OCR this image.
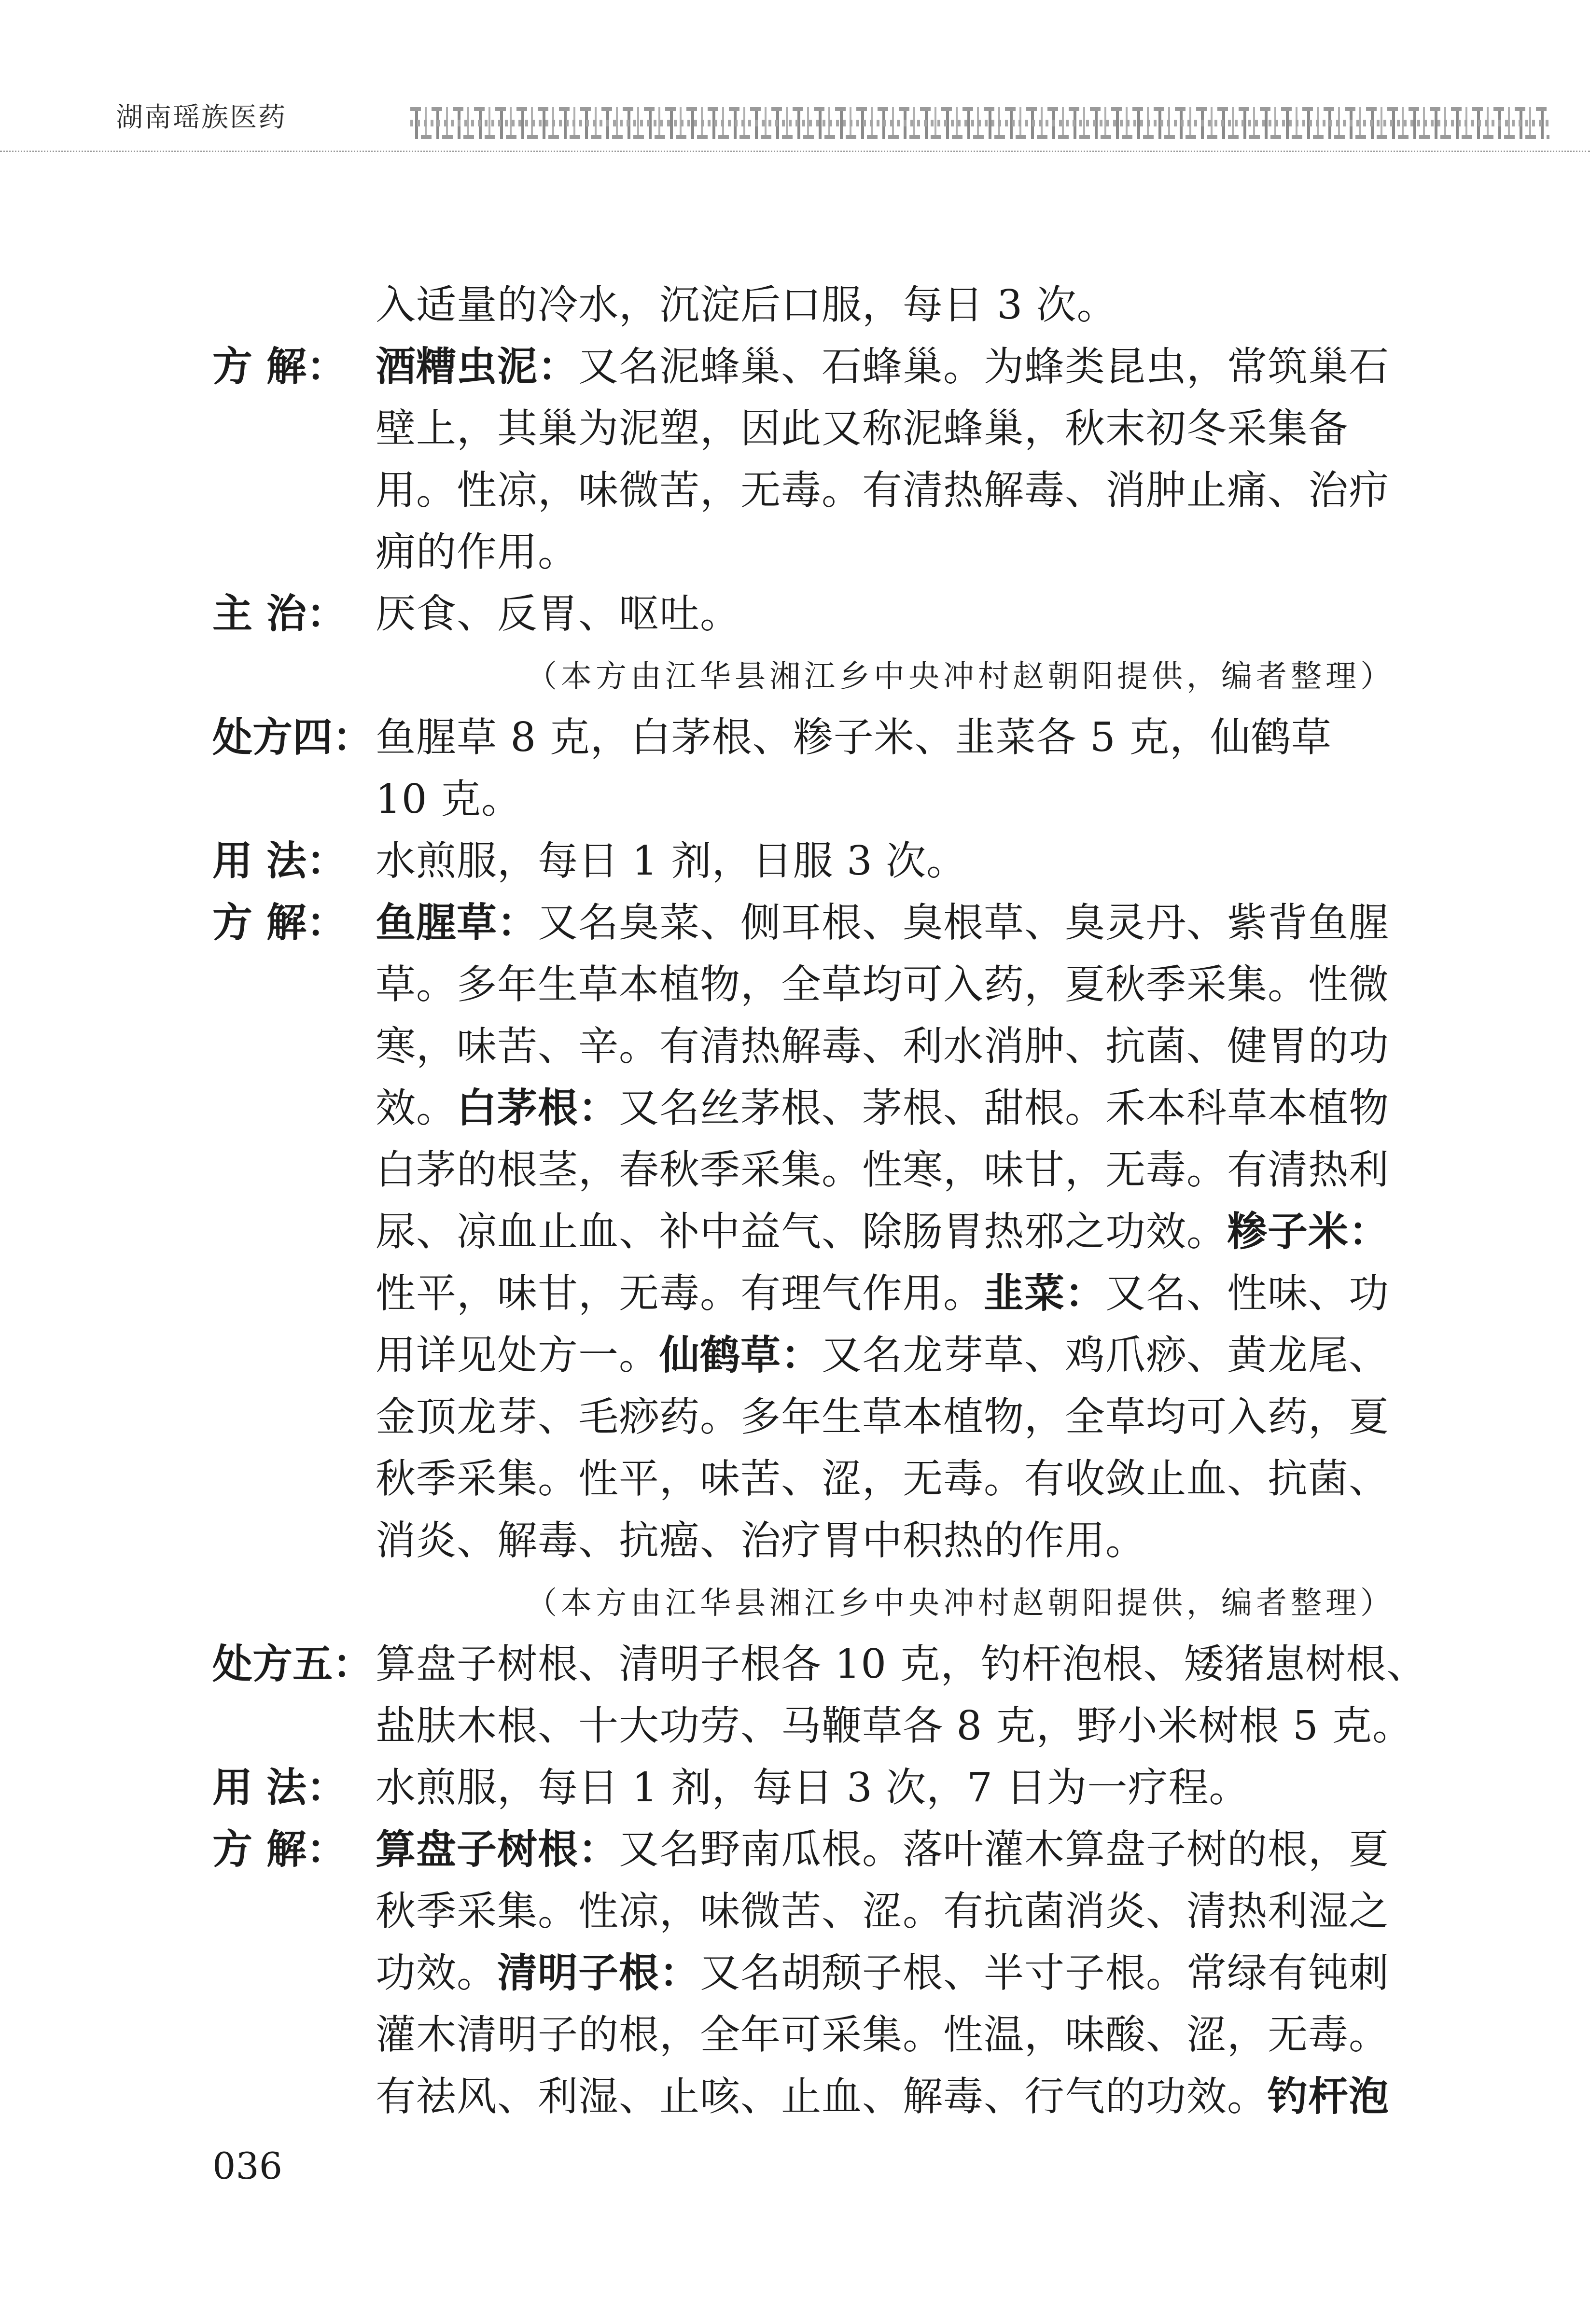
湖南瑶族医药
入适量的冷水，沉淀后口服，每日 3 次。
方 解： 酒糟虫泥：又名泥蜂巢、石蜂巢。为蜂类昆虫，常筑巢石
壁上，其巢为泥塑，因此又称泥蜂巢，秋末初冬采集备
用。性凉，味微苦，无毒。有清热解毒、消肿止痛、治疖
痈的作用。
主 治： 厌食、反胃、呕吐。
（本方由江华县湘江乡中央冲村赵朝阳提供，编者整理）
处方四： 鱼腥草 8 克，白茅根、糁子米、韭菜各 5 克，仙鹤草
10 克。
用 法： 水煎服，每日 1 剂，日服 3 次。
方 解： 鱼腥草：又名臭菜、侧耳根、臭根草、臭灵丹、紫背鱼腥
草。多年生草本植物，全草均可入药，夏秋季采集。性微
寒，味苦、辛。有清热解毒、利水消肿、抗菌、健胃的功
效。白茅根：又名丝茅根、茅根、甜根。禾本科草本植物
白茅的根茎，春秋季采集。性寒，味甘，无毒。有清热利
尿、凉血止血、补中益气、除肠胃热邪之功效。糁子米：
性平，味甘，无毒。有理气作用。韭菜：又名、性味、功
用详见处方一。仙鹤草：又名龙芽草、鸡爪痧、黄龙尾、
金顶龙芽、毛痧药。多年生草本植物，全草均可入药，夏
秋季采集。性平，味苦、涩，无毒。有收敛止血、抗菌、
消炎、解毒、抗癌、治疗胃中积热的作用。
（本方由江华县湘江乡中央冲村赵朝阳提供，编者整理）
处方五： 算盘子树根、清明子根各 10 克，钓杆泡根、矮猪崽树根、
盐肤木根、十大功劳、马鞭草各 8 克，野小米树根 5 克。
用 法： 水煎服，每日 1 剂，每日 3 次，7 日为一疗程。
方 解： 算盘子树根：又名野南瓜根。落叶灌木算盘子树的根，夏
秋季采集。性凉，味微苦、涩。有抗菌消炎、清热利湿之
功效。清明子根：又名胡颓子根、半寸子根。常绿有钝刺
灌木清明子的根，全年可采集。性温，味酸、涩，无毒。
有祛风、利湿、止咳、止血、解毒、行气的功效。钓杆泡
036
